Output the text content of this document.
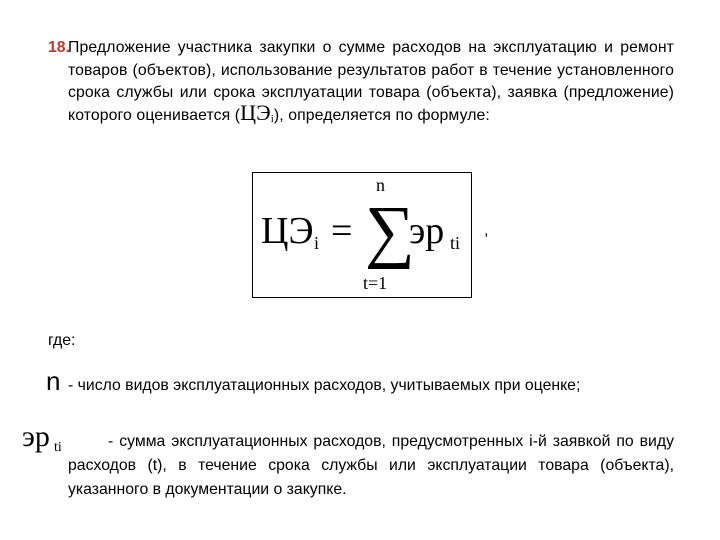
18.
Предложение участника закупки о сумме расходов на эксплуатацию и ремонт товаров (объектов), использование результатов работ в течение установленного срока службы или срока эксплуатации товара (объекта), заявка (предложение) которого оценивается $(ЦЭ_i)$, определяется по формуле:
ЦЭ i =
n
∑
t=1
эр ti
,
где:
n - число видов эксплуатационных расходов, учитываемых при оценке;
эр ti	- сумма эксплуатационных расходов, предусмотренных i-й заявкой по виду расходов (t), в течение срока службы или эксплуатации товара (объекта), указанного в документации о закупке.
